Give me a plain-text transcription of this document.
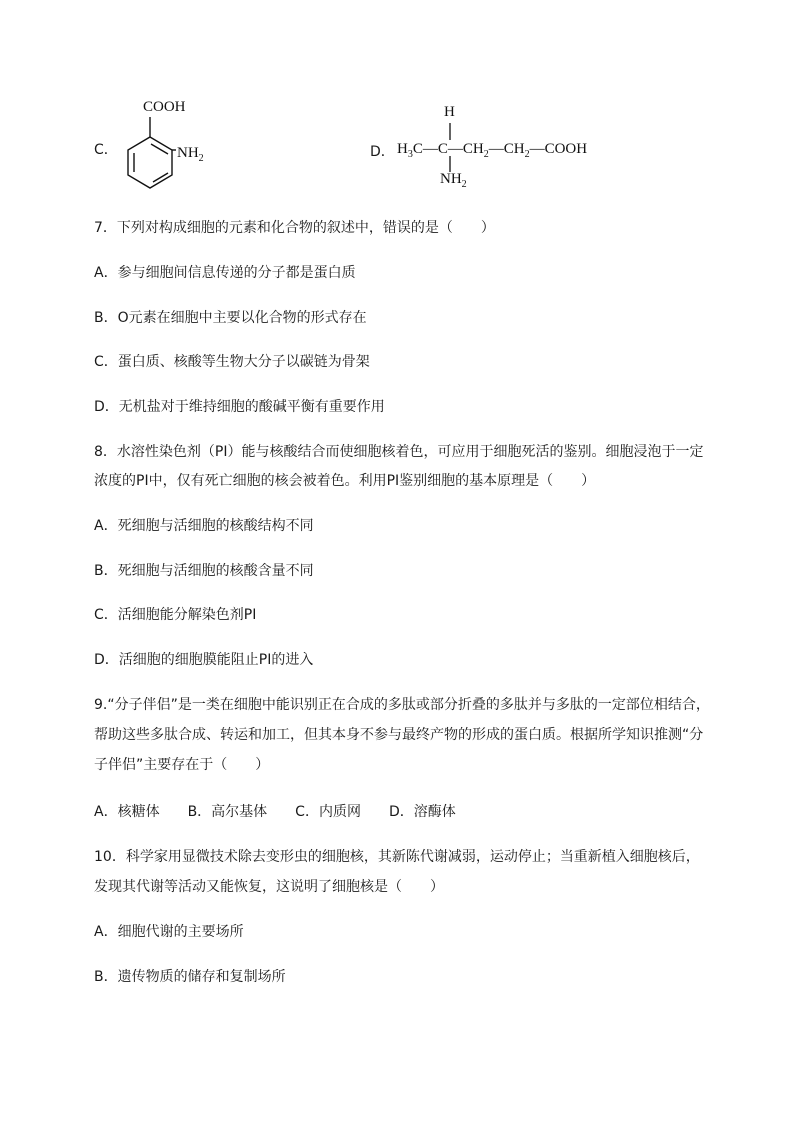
C．
COOH
$NH_2$	D．
H
$H_3C—C—CH_2—CH_2—COOH$
$NH_2$
7．下列对构成细胞的元素和化合物的叙述中，错误的是（　　）
A．参与细胞间信息传递的分子都是蛋白质
B．O元素在细胞中主要以化合物的形式存在
C．蛋白质、核酸等生物大分子以碳链为骨架
D．无机盐对于维持细胞的酸碱平衡有重要作用
8．水溶性染色剂（PI）能与核酸结合而使细胞核着色，可应用于细胞死活的鉴别。细胞浸泡于一定
浓度的PI中，仅有死亡细胞的核会被着色。利用PI鉴别细胞的基本原理是（　　）
A．死细胞与活细胞的核酸结构不同
B．死细胞与活细胞的核酸含量不同
C．活细胞能分解染色剂PI
D．活细胞的细胞膜能阻止PI的进入
9.“分子伴侣”是一类在细胞中能识别正在合成的多肽或部分折叠的多肽并与多肽的一定部位相结合，
帮助这些多肽合成、转运和加工，但其本身不参与最终产物的形成的蛋白质。根据所学知识推测“分
子伴侣”主要存在于（　　）
A．核糖体　　B．高尔基体　　C．内质网　　D．溶酶体
10．科学家用显微技术除去变形虫的细胞核，其新陈代谢减弱，运动停止；当重新植入细胞核后，
发现其代谢等活动又能恢复，这说明了细胞核是（　　）
A．细胞代谢的主要场所
B．遗传物质的储存和复制场所
